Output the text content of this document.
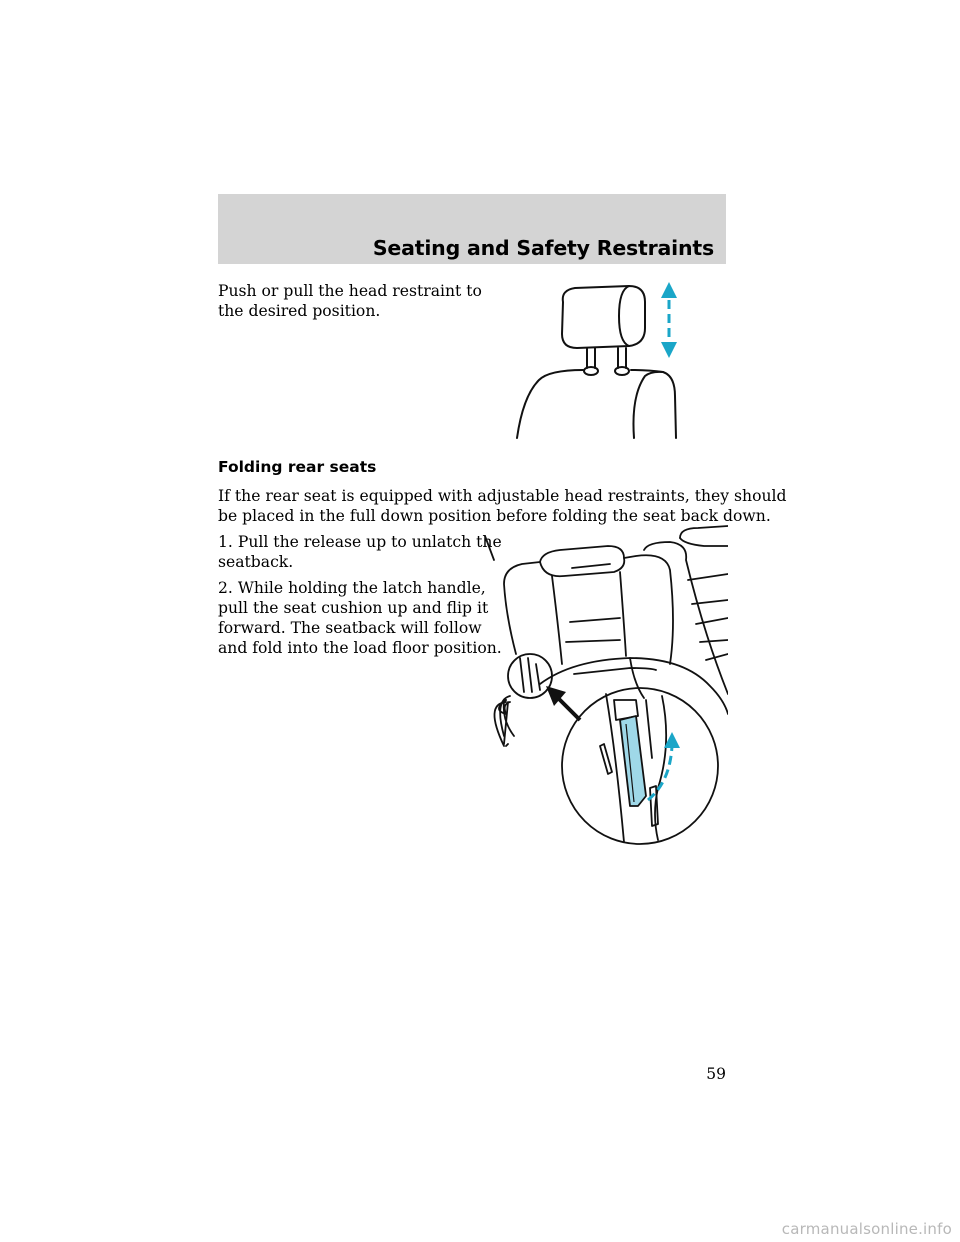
Seating and Safety Restraints

Push or pull the head restraint to

the desired position.

Folding rear seats

If the rear seat is equipped with adjustable head restraints, they should

be placed in the full down position before folding the seat back down.

1. Pull the release up to unlatch the

seatback.

2. While holding the latch handle,

pull the seat cushion up and flip it

forward. The seatback will follow

and fold into the load floor position.

59
carmanualsonline.info
